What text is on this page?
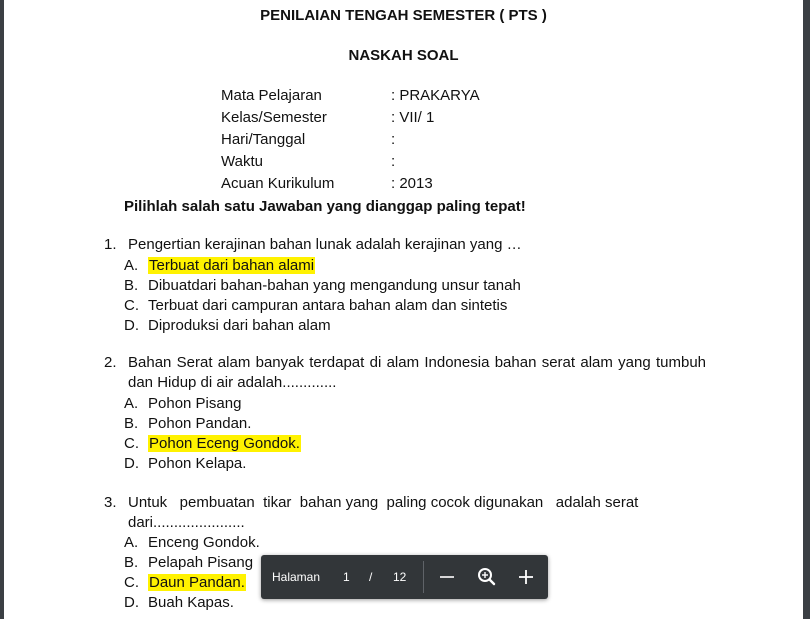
PENILAIAN TENGAH SEMESTER ( PTS )
NASKAH SOAL
Mata Pelajaran	: PRAKARYA
Kelas/Semester	: VII/ 1
Hari/Tanggal	:
Waktu	:
Acuan Kurikulum	: 2013
Pilihlah salah satu Jawaban yang dianggap paling tepat!
1. Pengertian kerajinan bahan lunak adalah kerajinan yang …
A. Terbuat dari bahan alami
B. Dibuatdari bahan-bahan yang mengandung unsur tanah
C. Terbuat dari campuran antara bahan alam dan sintetis
D. Diproduksi dari bahan alam
2. Bahan Serat alam banyak terdapat di alam Indonesia bahan serat alam yang tumbuh dan Hidup di air adalah.............
A. Pohon Pisang
B. Pohon Pandan.
C. Pohon Eceng Gondok.
D. Pohon Kelapa.
3. Untuk   pembuatan  tikar  bahan yang  paling cocok digunakan   adalah serat dari......................
A. Enceng Gondok.
B. Pelapah Pisang
C. Daun Pandan.
D. Buah Kapas.
Halaman 1 / 12
